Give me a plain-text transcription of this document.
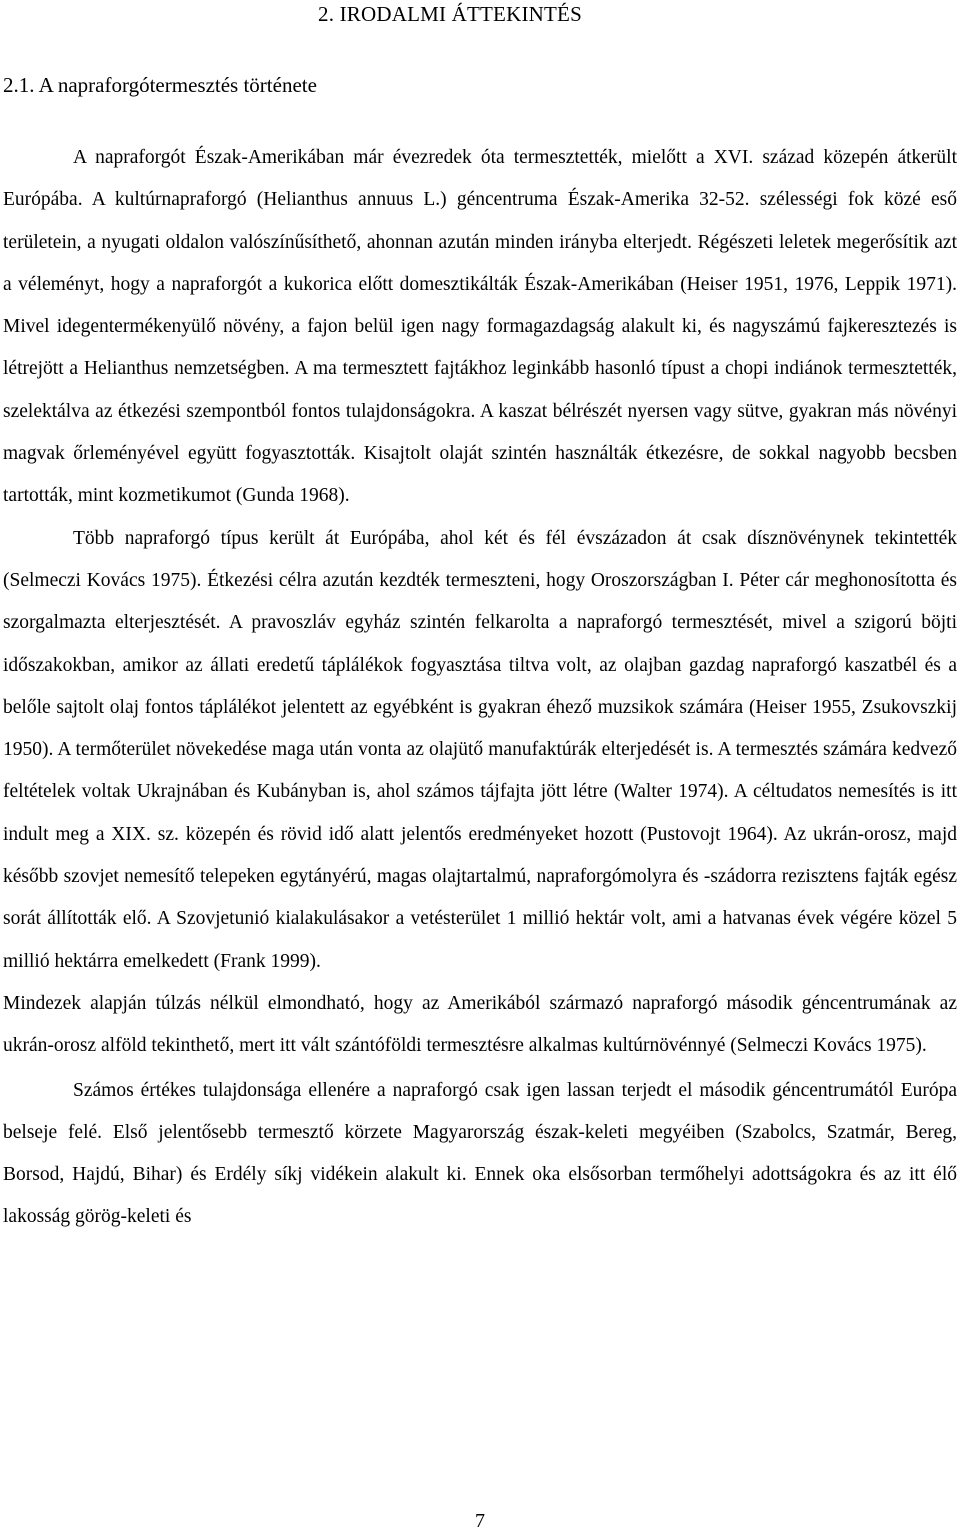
2. IRODALMI ÁTTEKINTÉS
2.1. A napraforgótermesztés története

A napraforgót Észak-Amerikában már évezredek óta termesztették, mielőtt a XVI. század közepén átkerült Európába. A kultúrnapraforgó (Helianthus annuus L.) géncentruma Észak-Amerika 32-52. szélességi fok közé eső területein, a nyugati oldalon valószínűsíthető, ahonnan azután minden irányba elterjedt. Régészeti leletek megerősítik azt a véleményt, hogy a napraforgót a kukorica előtt domesztikálták Észak-Amerikában (Heiser 1951, 1976, Leppik 1971). Mivel idegentermékenyülő növény, a fajon belül igen nagy formagazdagság alakult ki, és nagyszámú fajkeresztezés is létrejött a Helianthus nemzetségben. A ma termesztett fajtákhoz leginkább hasonló típust a chopi indiánok termesztették, szelektálva az étkezési szempontból fontos tulajdonságokra. A kaszat bélrészét nyersen vagy sütve, gyakran más növényi magvak őrleményével együtt fogyasztották. Kisajtolt olaját szintén használták étkezésre, de sokkal nagyobb becsben tartották, mint kozmetikumot (Gunda 1968).

Több napraforgó típus került át Európába, ahol két és fél évszázadon át csak dísznövénynek tekintették (Selmeczi Kovács 1975). Étkezési célra azután kezdték termeszteni, hogy Oroszországban I. Péter cár meghonosította és szorgalmazta elterjesztését. A pravoszláv egyház szintén felkarolta a napraforgó termesztését, mivel a szigorú böjti időszakokban, amikor az állati eredetű táplálékok fogyasztása tiltva volt, az olajban gazdag napraforgó kaszatbél és a belőle sajtolt olaj fontos táplálékot jelentett az egyébként is gyakran éhező muzsikok számára (Heiser 1955, Zsukovszkij 1950). A termőterület növekedése maga után vonta az olajütő manufaktúrák elterjedését is. A termesztés számára kedvező feltételek voltak Ukrajnában és Kubányban is, ahol számos tájfajta jött létre (Walter 1974). A céltudatos nemesítés is itt indult meg a XIX. sz. közepén és rövid idő alatt jelentős eredményeket hozott (Pustovojt 1964). Az ukrán-orosz, majd később szovjet nemesítő telepeken egytányérú, magas olajtartalmú, napraforgómolyra és -szádorra rezisztens fajták egész sorát állították elő. A Szovjetunió kialakulásakor a vetésterület 1 millió hektár volt, ami a hatvanas évek végére közel 5 millió hektárra emelkedett (Frank 1999).

Mindezek alapján túlzás nélkül elmondható, hogy az Amerikából származó napraforgó második géncentrumának az ukrán-orosz alföld tekinthető, mert itt vált szántóföldi termesztésre alkalmas kultúrnövénnyé (Selmeczi Kovács 1975).

Számos értékes tulajdonsága ellenére a napraforgó csak igen lassan terjedt el második géncentrumától Európa belseje felé. Első jelentősebb termesztő körzete Magyarország észak-keleti megyéiben (Szabolcs, Szatmár, Bereg, Borsod, Hajdú, Bihar) és Erdély síkj vidékein alakult ki. Ennek oka elsősorban termőhelyi adottságokra és az itt élő lakosság görög-keleti és

7
